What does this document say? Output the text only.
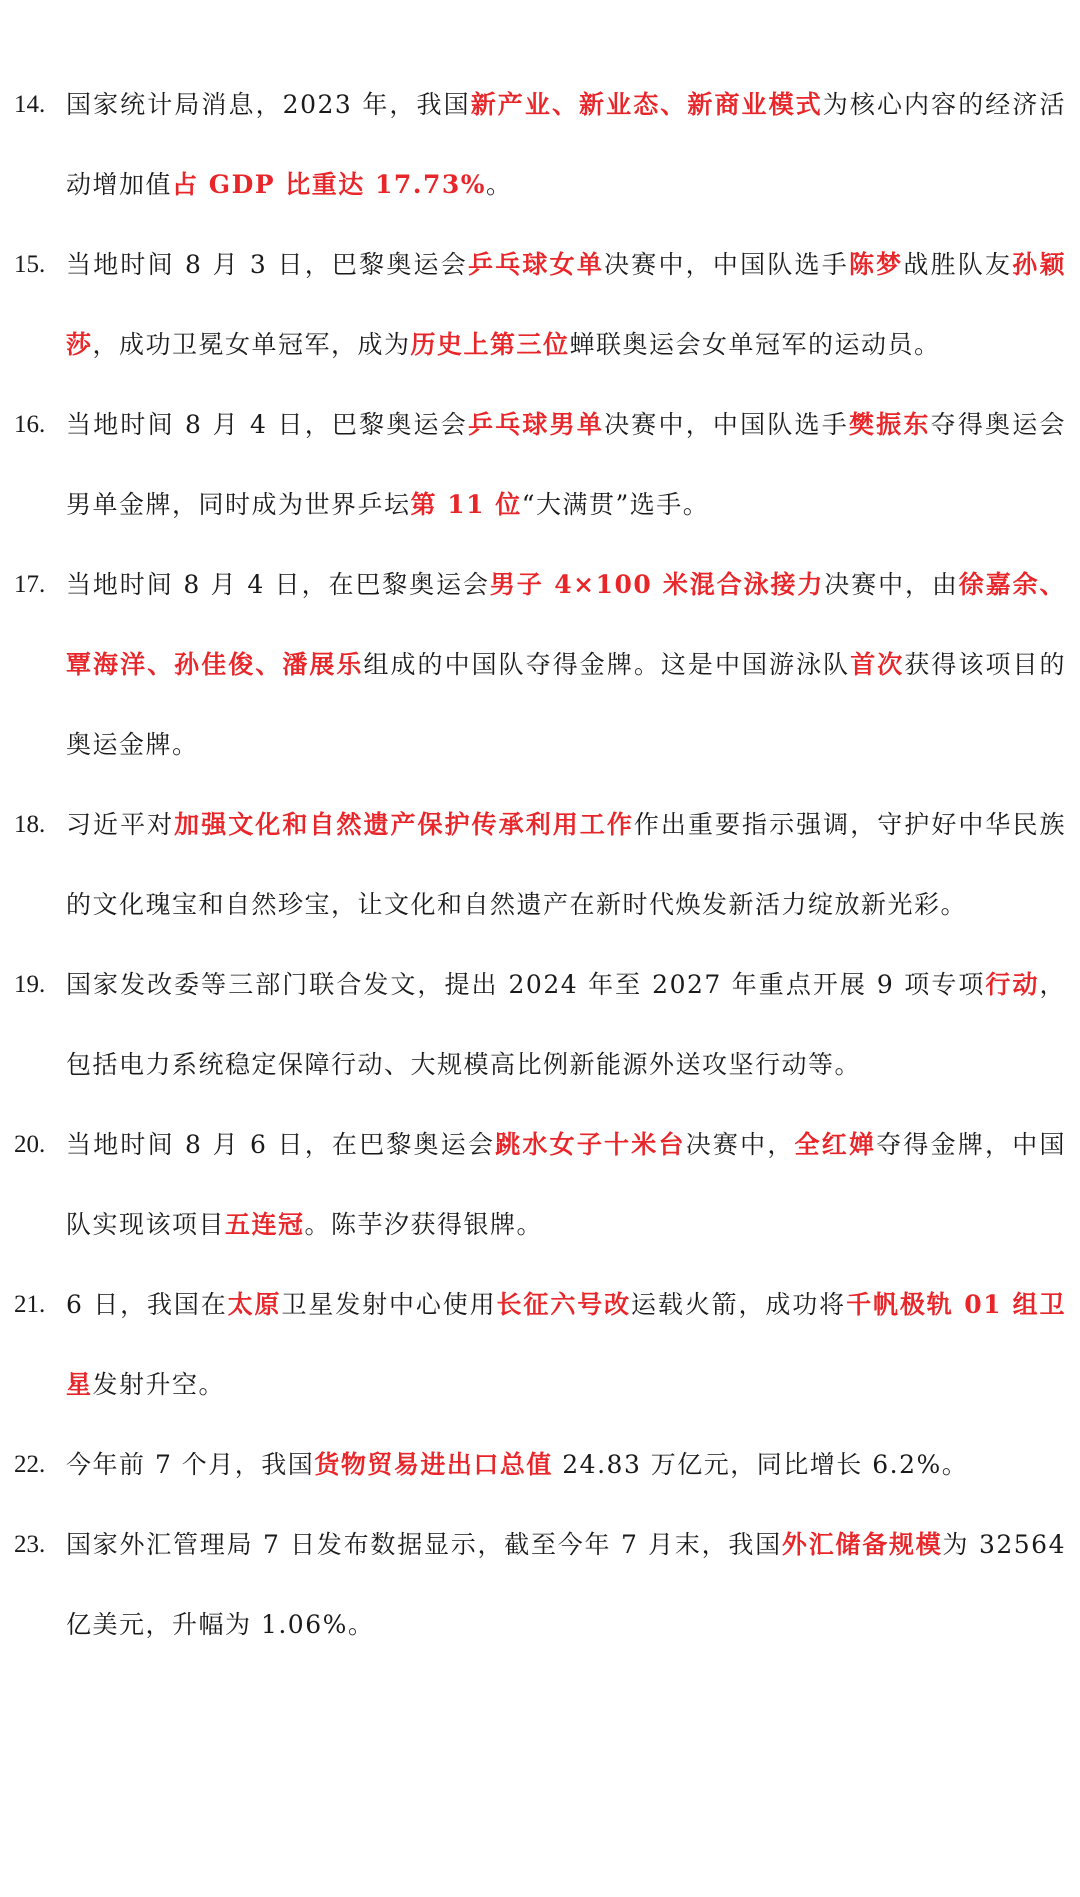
14. 国家统计局消息，2023 年，我国新产业、新业态、新商业模式为核心内容的经济活动增加值占 GDP 比重达 17.73%。

15. 当地时间 8 月 3 日，巴黎奥运会乒乓球女单决赛中，中国队选手陈梦战胜队友孙颖莎，成功卫冕女单冠军，成为历史上第三位蝉联奥运会女单冠军的运动员。

16. 当地时间 8 月 4 日，巴黎奥运会乒乓球男单决赛中，中国队选手樊振东夺得奥运会男单金牌，同时成为世界乒坛第 11 位“大满贯”选手。

17. 当地时间 8 月 4 日，在巴黎奥运会男子 4×100 米混合泳接力决赛中，由徐嘉余、覃海洋、孙佳俊、潘展乐组成的中国队夺得金牌。这是中国游泳队首次获得该项目的奥运金牌。

18. 习近平对加强文化和自然遗产保护传承利用工作作出重要指示强调，守护好中华民族的文化瑰宝和自然珍宝，让文化和自然遗产在新时代焕发新活力绽放新光彩。

19. 国家发改委等三部门联合发文，提出 2024 年至 2027 年重点开展 9 项专项行动，包括电力系统稳定保障行动、大规模高比例新能源外送攻坚行动等。

20. 当地时间 8 月 6 日，在巴黎奥运会跳水女子十米台决赛中，全红婵夺得金牌，中国队实现该项目五连冠。陈芋汐获得银牌。

21. 6 日，我国在太原卫星发射中心使用长征六号改运载火箭，成功将千帆极轨 01 组卫星发射升空。

22. 今年前 7 个月，我国货物贸易进出口总值 24.83 万亿元，同比增长 6.2%。

23. 国家外汇管理局 7 日发布数据显示，截至今年 7 月末，我国外汇储备规模为 32564 亿美元，升幅为 1.06%。
